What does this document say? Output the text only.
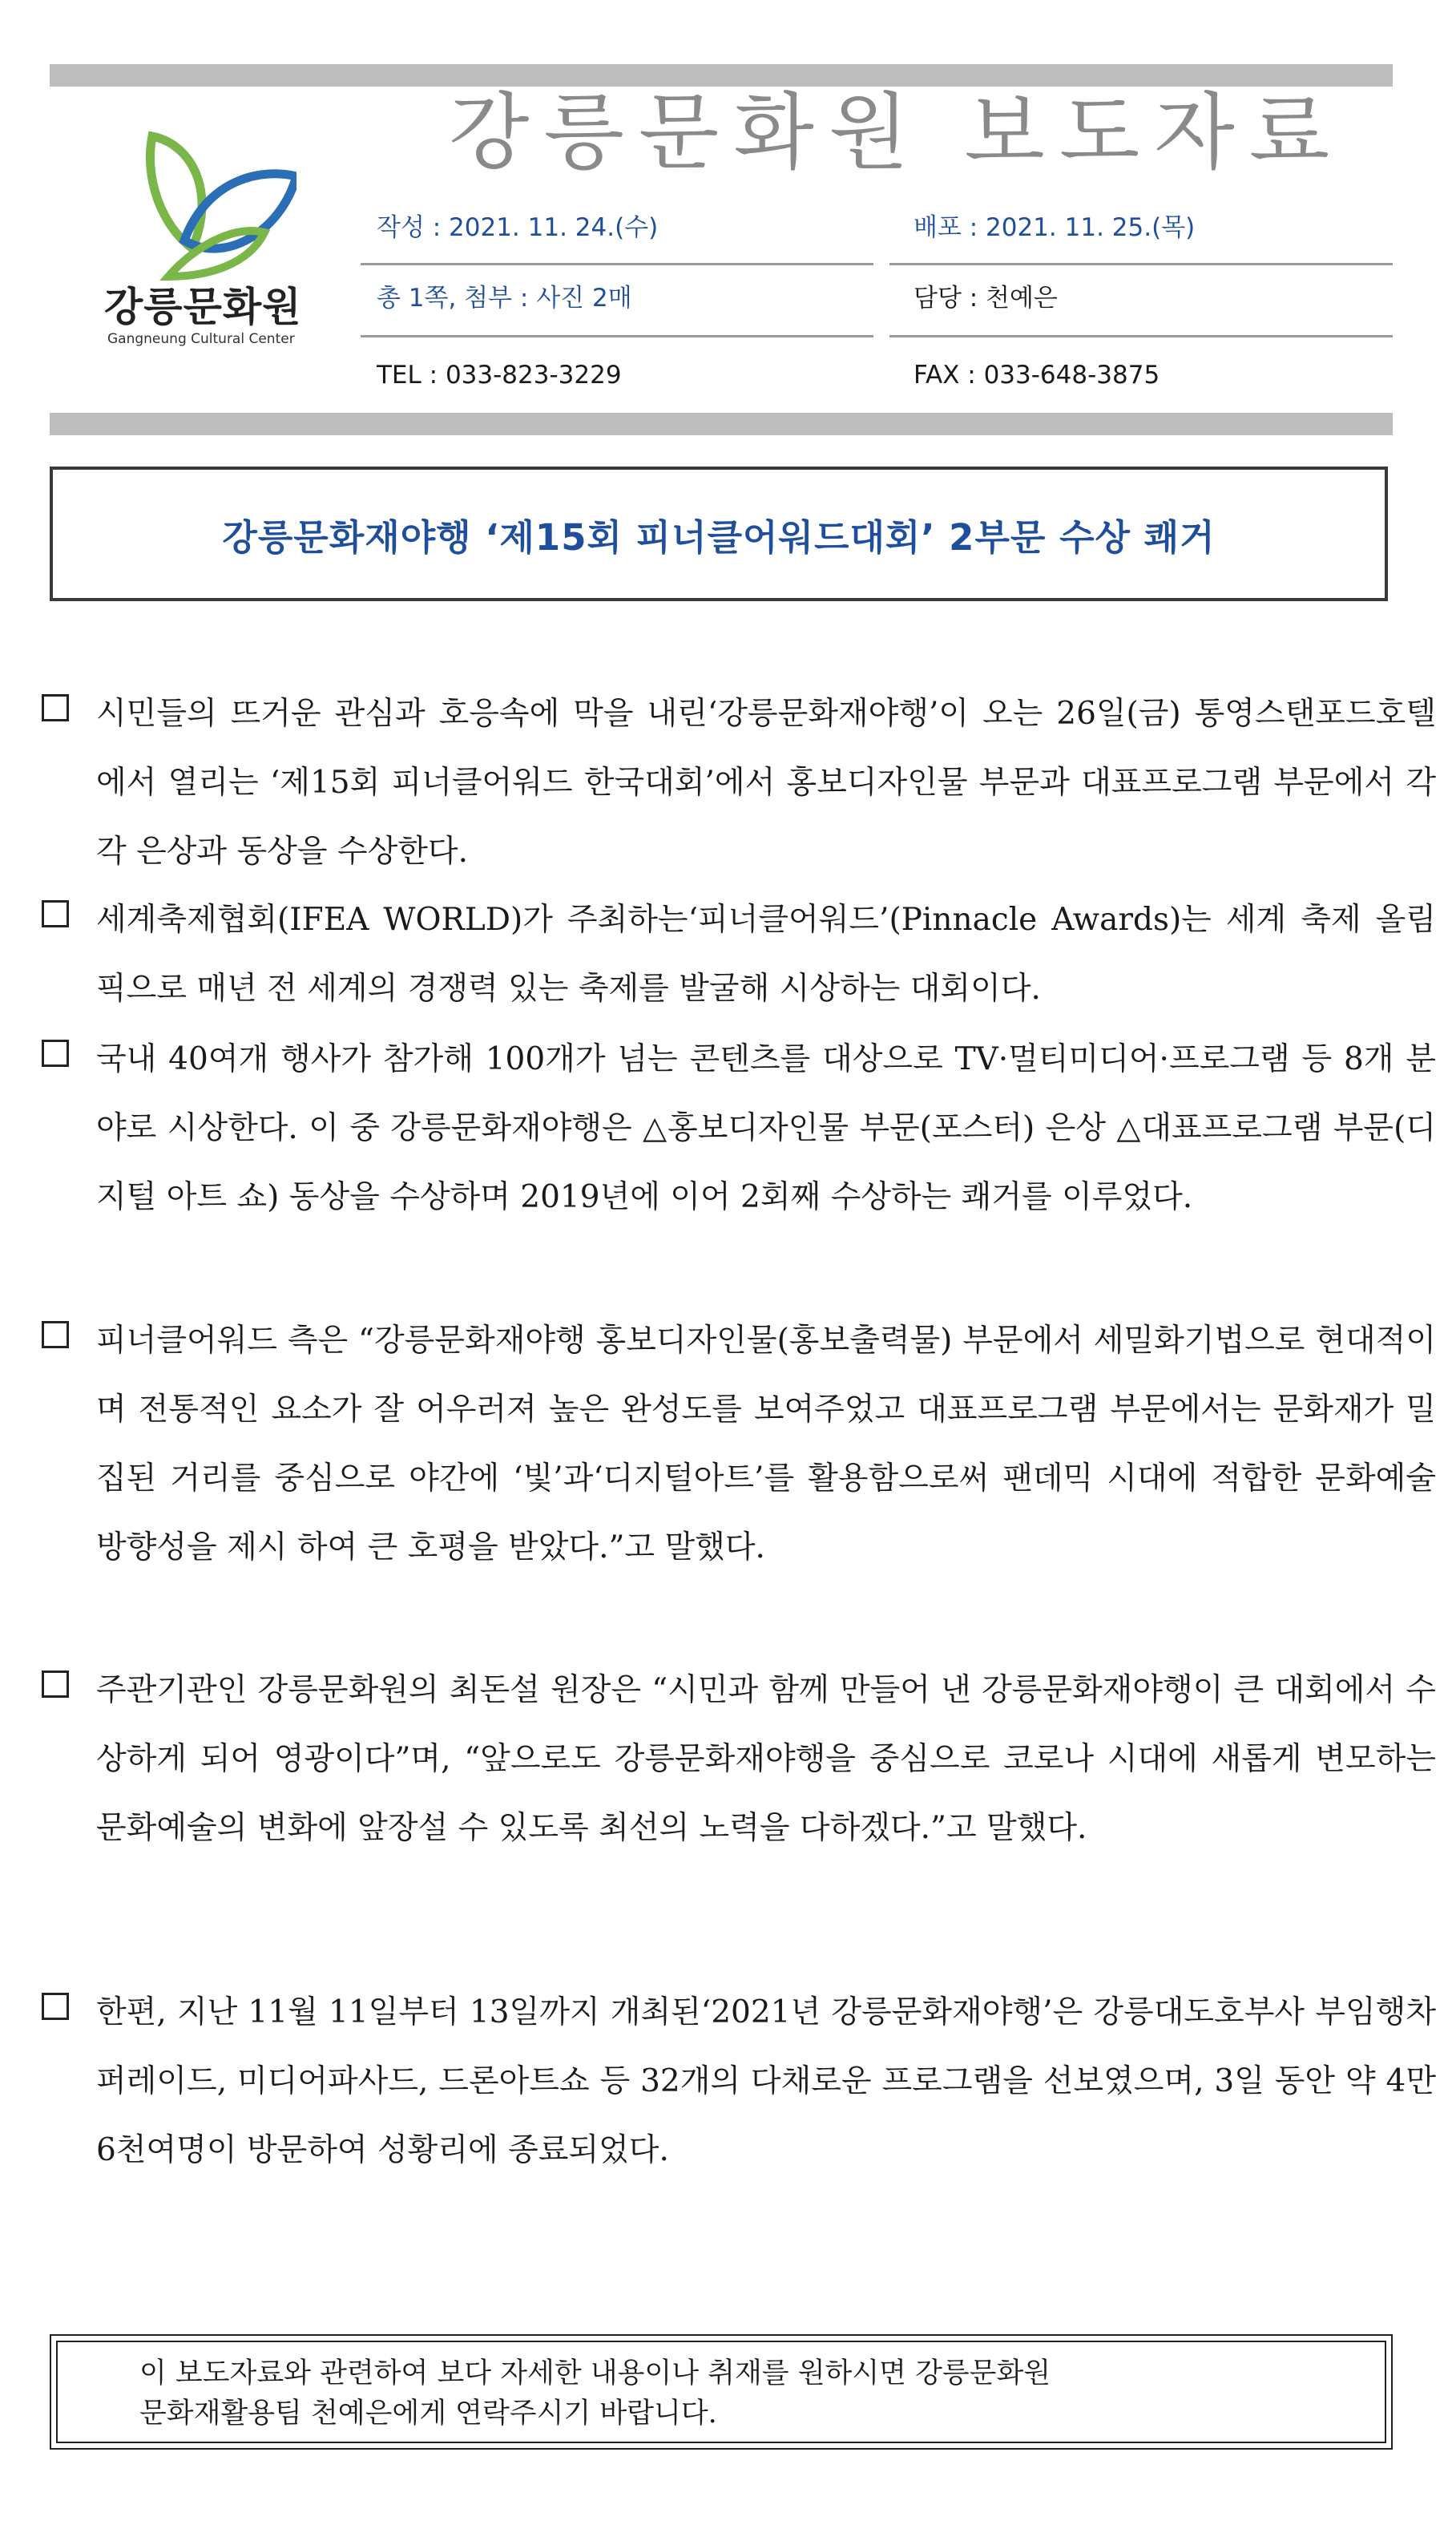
강릉문화원
Gangneung Cultural Center
강릉문화원 보도자료
작성 : 2021. 11. 24.(수)	배포 : 2021. 11. 25.(목)
총 1쪽, 첨부 : 사진 2매	담당 : 천예은
TEL : 033-823-3229	FAX : 033-648-3875
강릉문화재야행 ‘제15회 피너클어워드대회’ 2부문 수상 쾌거
시민들의 뜨거운 관심과 호응속에 막을 내린‘강릉문화재야행’이 오는 26일(금) 통영스탠포드호텔에서 열리는 ‘제15회 피너클어워드 한국대회’에서 홍보디자인물 부문과 대표프로그램 부문에서 각각 은상과 동상을 수상한다.
세계축제협회(IFEA WORLD)가 주최하는‘피너클어워드’(Pinnacle Awards)는 세계 축제 올림픽으로 매년 전 세계의 경쟁력 있는 축제를 발굴해 시상하는 대회이다.
국내 40여개 행사가 참가해 100개가 넘는 콘텐츠를 대상으로 TV·멀티미디어·프로그램 등 8개 분야로 시상한다. 이 중 강릉문화재야행은 △홍보디자인물 부문(포스터) 은상 △대표프로그램 부문(디지털 아트 쇼) 동상을 수상하며 2019년에 이어 2회째 수상하는 쾌거를 이루었다.
피너클어워드 측은 “강릉문화재야행 홍보디자인물(홍보출력물) 부문에서 세밀화기법으로 현대적이며 전통적인 요소가 잘 어우러져 높은 완성도를 보여주었고 대표프로그램 부문에서는 문화재가 밀집된 거리를 중심으로 야간에 ‘빛’과‘디지털아트’를 활용함으로써 팬데믹 시대에 적합한 문화예술 방향성을 제시 하여 큰 호평을 받았다.”고 말했다.
주관기관인 강릉문화원의 최돈설 원장은 “시민과 함께 만들어 낸 강릉문화재야행이 큰 대회에서 수상하게 되어 영광이다”며, “앞으로도 강릉문화재야행을 중심으로 코로나 시대에 새롭게 변모하는 문화예술의 변화에 앞장설 수 있도록 최선의 노력을 다하겠다.”고 말했다.
한편, 지난 11월 11일부터 13일까지 개최된‘2021년 강릉문화재야행’은 강릉대도호부사 부임행차 퍼레이드, 미디어파사드, 드론아트쇼 등 32개의 다채로운 프로그램을 선보였으며, 3일 동안 약 4만 6천여명이 방문하여 성황리에 종료되었다.
이 보도자료와 관련하여 보다 자세한 내용이나 취재를 원하시면 강릉문화원
문화재활용팀 천예은에게 연락주시기 바랍니다.
